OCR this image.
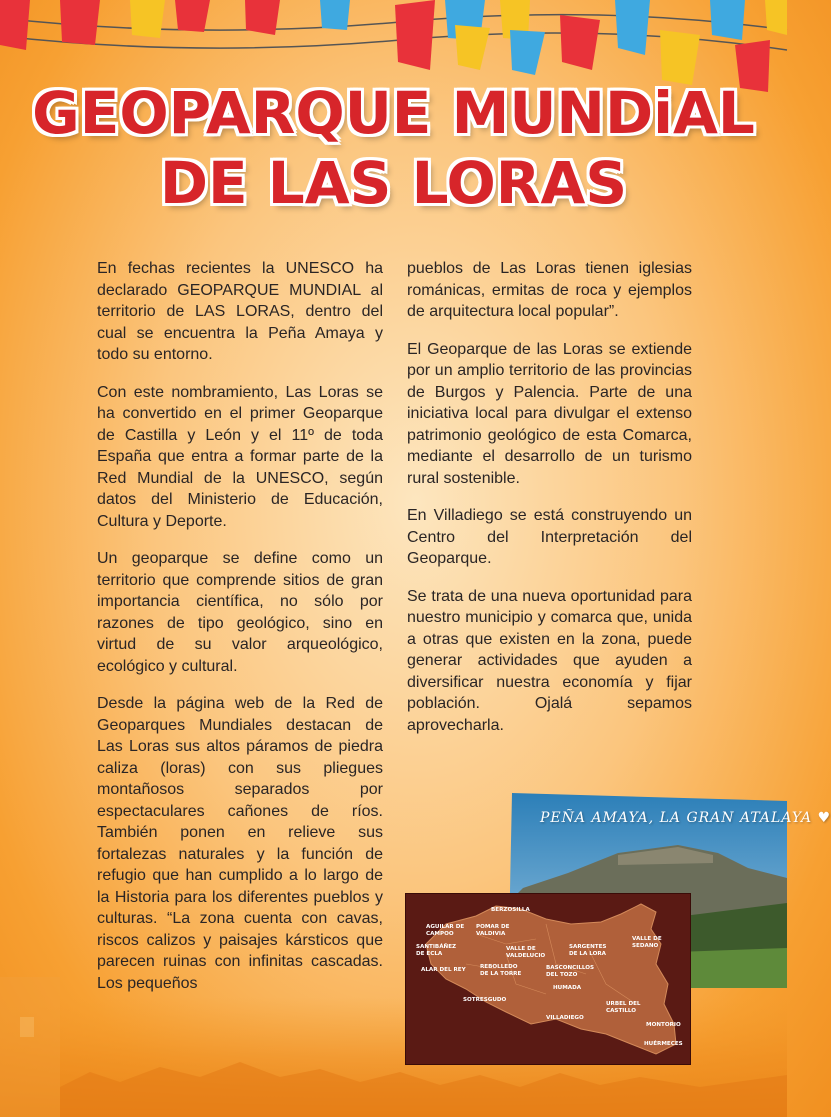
GEOPARQUE MUNDiAL
DE LAS LORAS

En fechas recientes la UNESCO ha declarado GEOPARQUE MUNDIAL al territorio de LAS LORAS, dentro del cual se encuentra la Peña Amaya y todo su entorno.

Con este nombramiento, Las Loras se ha convertido en el primer Geoparque de Castilla y León y el 11º de toda España que entra a formar parte de la Red Mundial de la UNESCO, según datos del Ministerio de Educación, Cultura y Deporte.

Un geoparque se define como un territorio que comprende sitios de gran importancia científica, no sólo por razones de tipo geológico, sino en virtud de su valor arqueológico, ecológico y cultural.

Desde la página web de la Red de Geoparques Mundiales destacan de Las Loras sus altos páramos de piedra caliza (loras) con sus pliegues montañosos separados por espectaculares cañones de ríos. También ponen en relieve sus fortalezas naturales y la función de refugio que han cumplido a lo largo de la Historia para los diferentes pueblos y culturas. “La zona cuenta con cavas, riscos calizos y paisajes kársticos que parecen ruinas con infinitas cascadas. Los pequeños

pueblos de Las Loras tienen iglesias románicas, ermitas de roca y ejemplos de arquitectura local popular”.

El Geoparque de las Loras se extiende por un amplio territorio de las provincias de Burgos y Palencia. Parte de una iniciativa local para divulgar el extenso patrimonio geológico de esta Comarca, mediante el desarrollo de un turismo rural sostenible.

En Villadiego se está construyendo un Centro del Interpretación del Geoparque.

Se trata de una nueva oportunidad para nuestro municipio y comarca que, unida a otras que existen en la zona, puede generar actividades que ayuden a diversificar nuestra economía y fijar población. Ojalá sepamos aprovecharla.

PEÑA AMAYA, LA GRAN ATALAYA ♥
BERZOSILLA
AGUILAR DE CAMPOO
POMAR DE VALDIVIA
VALLE DE SEDANO
SANTIBÁÑEZ DE ECLA
VALLE DE VALDELUCIO
SARGENTES DE LA LORA
ALAR DEL REY	REBOLLEDO DE LA TORRE
BASCONCILLOS DEL TOZO
HUMADA
SOTRESGUDO
URBEL DEL CASTILLO
VILLADIEGO
MONTORIO
HUÉRMECES
